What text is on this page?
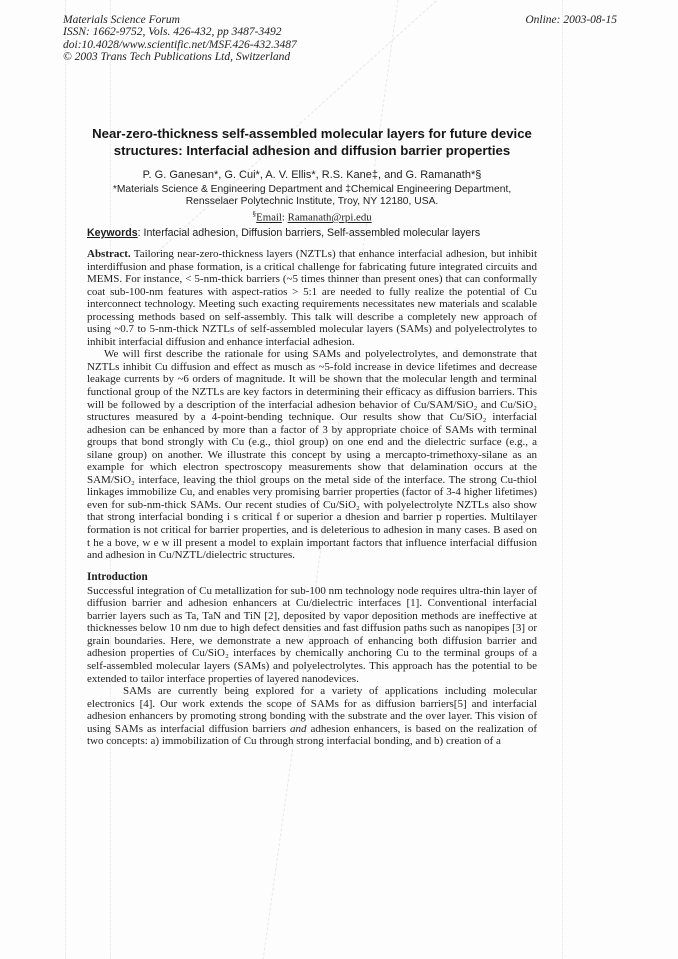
Materials Science Forum
ISSN: 1662-9752, Vols. 426-432, pp 3487-3492
doi:10.4028/www.scientific.net/MSF.426-432.3487
© 2003 Trans Tech Publications Ltd, Switzerland
Online: 2003-08-15
Near-zero-thickness self-assembled molecular layers for future device structures: Interfacial adhesion and diffusion barrier properties
P. G. Ganesan*, G. Cui*, A. V. Ellis*, R.S. Kane‡, and G. Ramanath*§
*Materials Science & Engineering Department and ‡Chemical Engineering Department,
Rensselaer Polytechnic Institute, Troy, NY 12180, USA.
§Email: Ramanath@rpi.edu
Keywords: Interfacial adhesion, Diffusion barriers, Self-assembled molecular layers

Abstract. Tailoring near-zero-thickness layers (NZTLs) that enhance interfacial adhesion, but inhibit interdiffusion and phase formation, is a critical challenge for fabricating future integrated circuits and MEMS. For instance, < 5-nm-thick barriers (~5 times thinner than present ones) that can conformally coat sub-100-nm features with aspect-ratios > 5:1 are needed to fully realize the potential of Cu interconnect technology. Meeting such exacting requirements necessitates new materials and scalable processing methods based on self-assembly. This talk will describe a completely new approach of using ~0.7 to 5-nm-thick NZTLs of self-assembled molecular layers (SAMs) and polyelectrolytes to inhibit interfacial diffusion and enhance interfacial adhesion.

We will first describe the rationale for using SAMs and polyelectrolytes, and demonstrate that NZTLs inhibit Cu diffusion and effect as musch as ~5-fold increase in device lifetimes and decrease leakage currents by ~6 orders of magnitude. It will be shown that the molecular length and terminal functional group of the NZTLs are key factors in determining their efficacy as diffusion barriers. This will be followed by a description of the interfacial adhesion behavior of Cu/SAM/SiO₂ and Cu/SiO₂ structures measured by a 4-point-bending technique. Our results show that Cu/SiO₂ interfacial adhesion can be enhanced by more than a factor of 3 by appropriate choice of SAMs with terminal groups that bond strongly with Cu (e.g., thiol group) on one end and the dielectric surface (e.g., a silane group) on another. We illustrate this concept by using a mercapto-trimethoxy-silane as an example for which electron spectroscopy measurements show that delamination occurs at the SAM/SiO₂ interface, leaving the thiol groups on the metal side of the interface. The strong Cu-thiol linkages immobilize Cu, and enables very promising barrier properties (factor of 3-4 higher lifetimes) even for sub-nm-thick SAMs. Our recent studies of Cu/SiO₂ with polyelectrolyte NZTLs also show that strong interfacial bonding i s critical f or superior a dhesion and barrier p roperties. Multilayer formation is not critical for barrier properties, and is deleterious to adhesion in many cases. B ased on t he a bove, w e w ill present a model to explain important factors that influence interfacial diffusion and adhesion in Cu/NZTL/dielectric structures.

Introduction

Successful integration of Cu metallization for sub-100 nm technology node requires ultra-thin layer of diffusion barrier and adhesion enhancers at Cu/dielectric interfaces [1]. Conventional interfacial barrier layers such as Ta, TaN and TiN [2], deposited by vapor deposition methods are ineffective at thicknesses below 10 nm due to high defect densities and fast diffusion paths such as nanopipes [3] or grain boundaries. Here, we demonstrate a new approach of enhancing both diffusion barrier and adhesion properties of Cu/SiO₂ interfaces by chemically anchoring Cu to the terminal groups of a self-assembled molecular layers (SAMs) and polyelectrolytes. This approach has the potential to be extended to tailor interface properties of layered nanodevices.

SAMs are currently being explored for a variety of applications including molecular electronics [4]. Our work extends the scope of SAMs for as diffusion barriers[5] and interfacial adhesion enhancers by promoting strong bonding with the substrate and the over layer. This vision of using SAMs as interfacial diffusion barriers and adhesion enhancers, is based on the realization of two concepts: a) immobilization of Cu through strong interfacial bonding, and b) creation of a
